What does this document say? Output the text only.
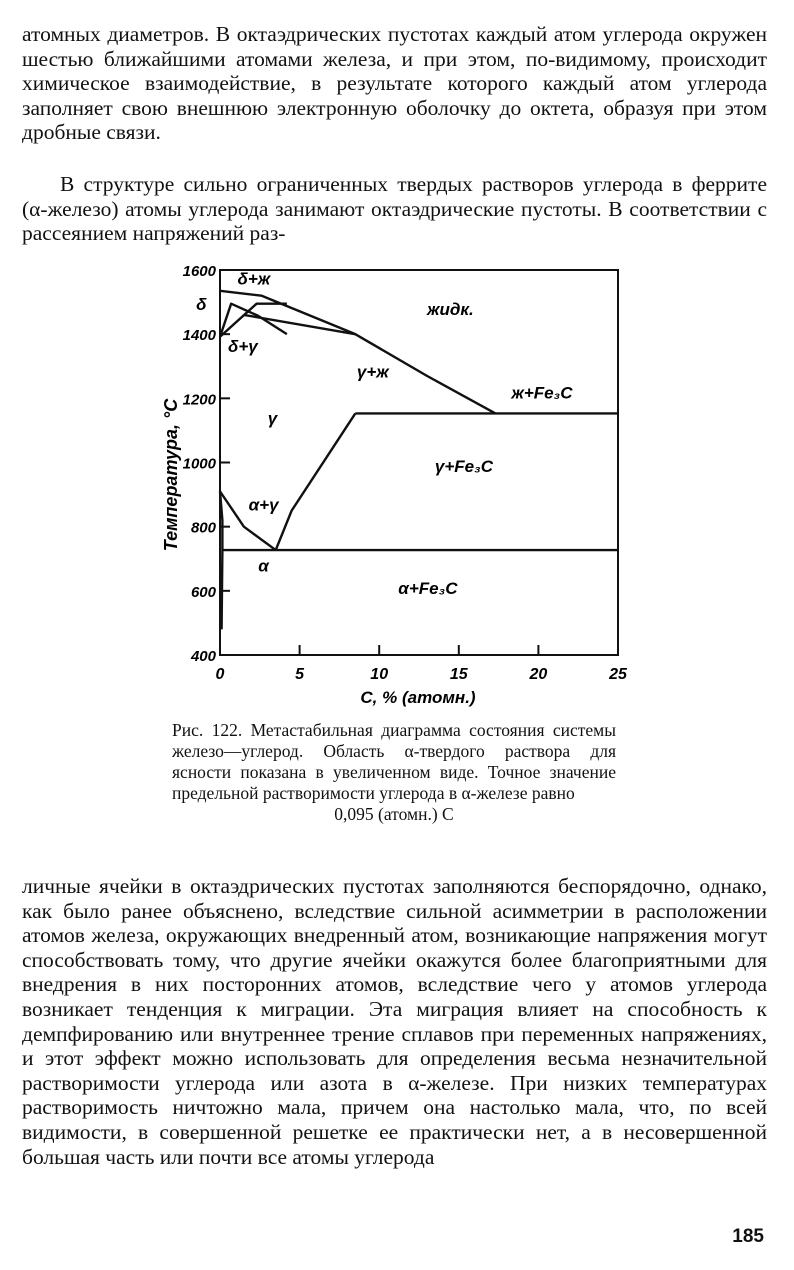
атомных диаметров. В октаэдрических пустотах каждый атом углерода окружен шестью ближайшими атомами железа, и при этом, по-видимому, происходит химическое взаимодействие, в результате которого каждый атом углерода заполняет свою внешнюю электронную оболочку до октета, образуя при этом дробные связи.

В структуре сильно ограниченных твердых растворов углерода в феррите (α-железо) атомы углерода занимают октаэдрические пустоты. В соответствии с рассеянием напряжений раз-

0	5	10	15	20	25
400
600
800
1000
1200
1400
1600 δ+ж
δ
δ+γ
γ+ж
ж+Fe₃C
жидк.
γ
γ+Fe₃C
α+γ
α
α+Fe₃C
Температура, °С
C, % (атомн.)

Рис. 122. Метастабильная диаграмма состояния системы железо—углерод. Область α-твердого раствора для ясности показана в увеличенном виде. Точное значение предельной растворимости углерода в α-железе равно

0,095 (атомн.) С

личные ячейки в октаэдрических пустотах заполняются беспорядочно, однако, как было ранее объяснено, вследствие сильной асимметрии в расположении атомов железа, окружающих внедренный атом, возникающие напряжения могут способствовать тому, что другие ячейки окажутся более благоприятными для внедрения в них посторонних атомов, вследствие чего у атомов углерода возникает тенденция к миграции. Эта миграция влияет на способность к демпфированию или внутреннее трение сплавов при переменных напряжениях, и этот эффект можно использовать для определения весьма незначительной растворимости углерода или азота в α-железе. При низких температурах растворимость ничтожно мала, причем она настолько мала, что, по всей видимости, в совершенной решетке ее практически нет, а в несовершенной большая часть или почти все атомы углерода

185
